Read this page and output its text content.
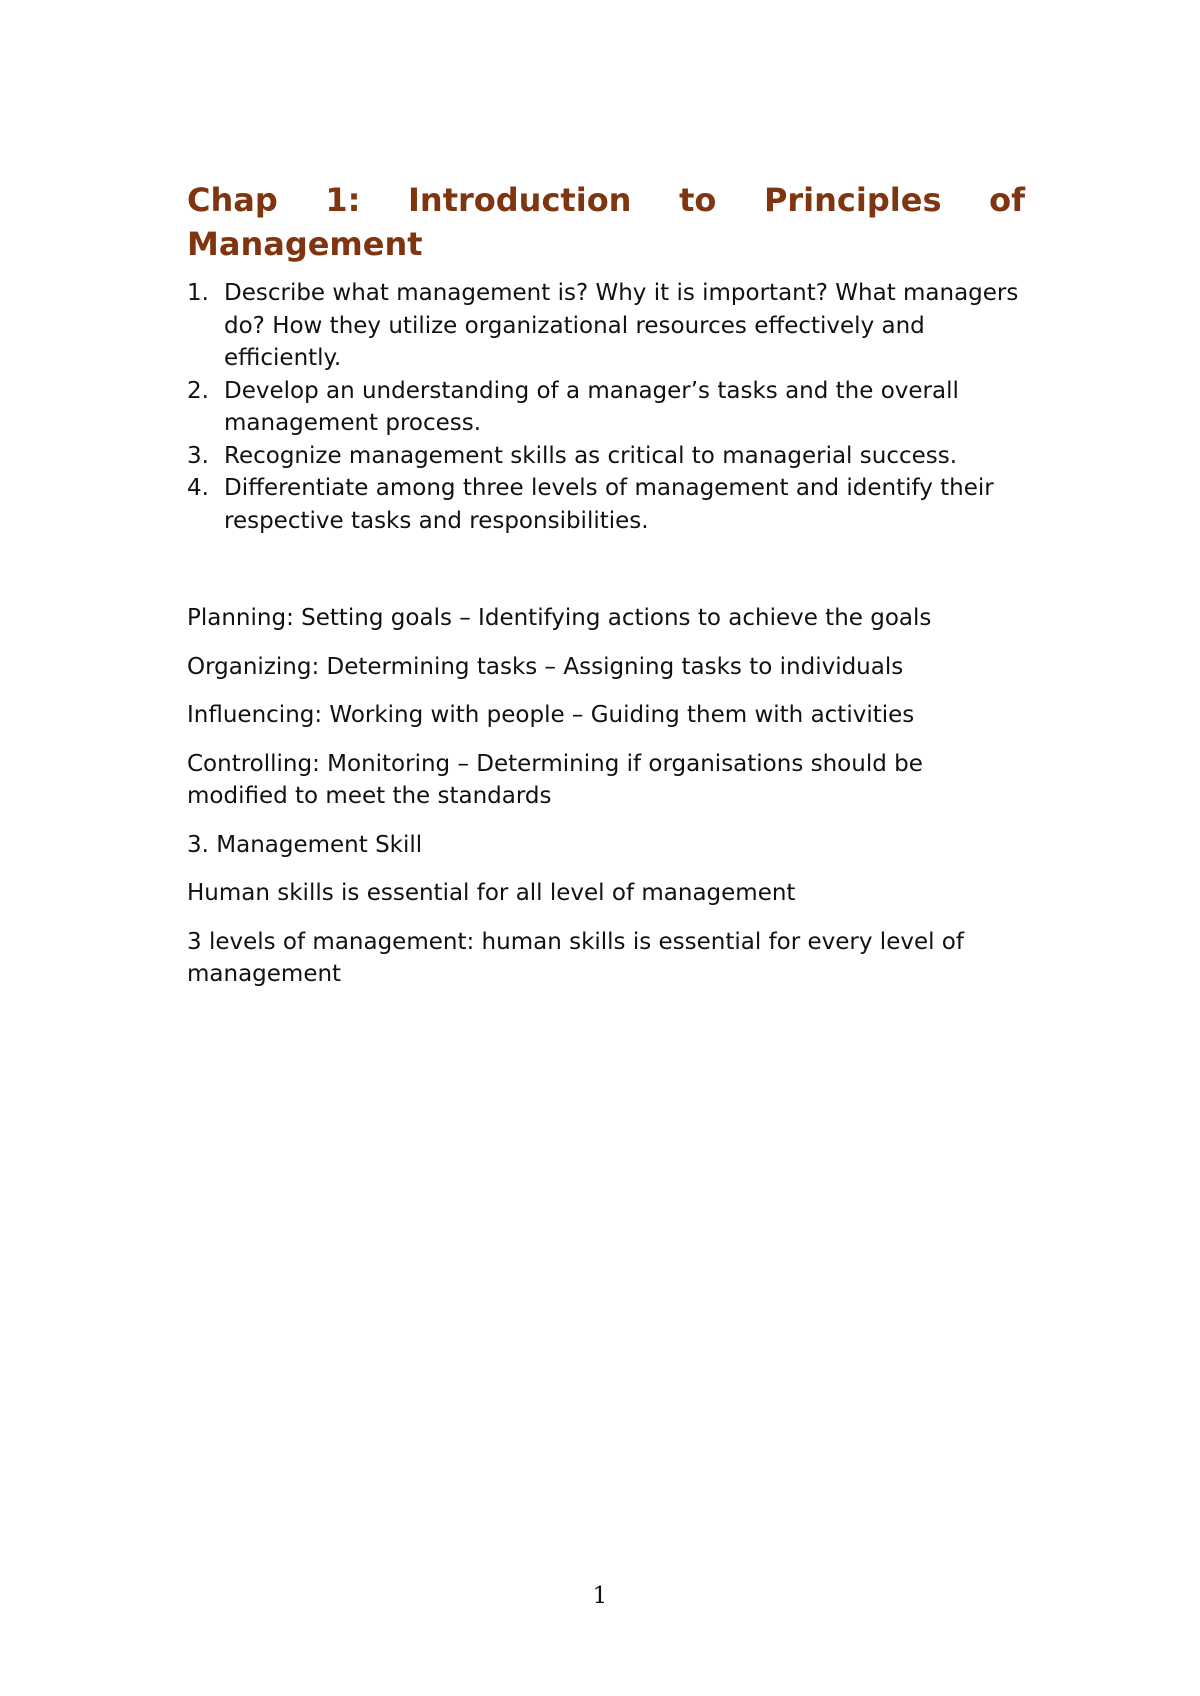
Chap 1: Introduction to Principles of Management
1. Describe what management is? Why it is important? What managers do? How they utilize organizational resources effectively and efficiently.
2. Develop an understanding of a manager’s tasks and the overall management process.
3. Recognize management skills as critical to managerial success.
4. Differentiate among three levels of management and identify their respective tasks and responsibilities.

Planning: Setting goals – Identifying actions to achieve the goals

Organizing: Determining tasks – Assigning tasks to individuals

Influencing: Working with people – Guiding them with activities

Controlling: Monitoring – Determining if organisations should be modified to meet the standards

3. Management Skill

Human skills is essential for all level of management

3 levels of management: human skills is essential for every level of management

1
